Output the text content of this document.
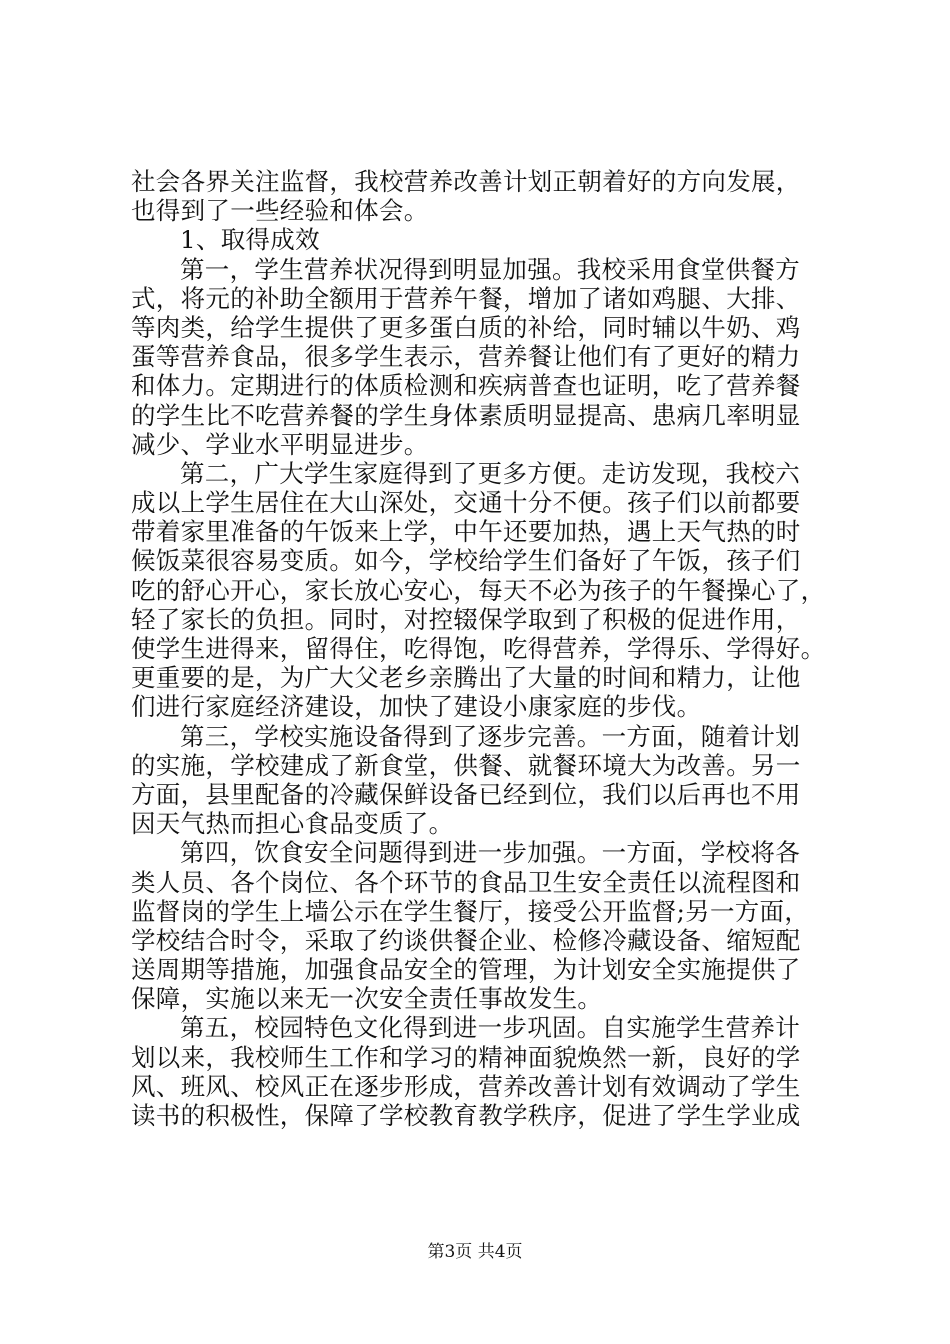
社会各界关注监督，我校营养改善计划正朝着好的方向发展，
也得到了一些经验和体会。
1、取得成效
第一，学生营养状况得到明显加强。我校采用食堂供餐方
式，将元的补助全额用于营养午餐，增加了诸如鸡腿、大排、
等肉类，给学生提供了更多蛋白质的补给，同时辅以牛奶、鸡
蛋等营养食品，很多学生表示，营养餐让他们有了更好的精力
和体力。定期进行的体质检测和疾病普查也证明，吃了营养餐
的学生比不吃营养餐的学生身体素质明显提高、患病几率明显
减少、学业水平明显进步。
第二，广大学生家庭得到了更多方便。走访发现，我校六
成以上学生居住在大山深处，交通十分不便。孩子们以前都要
带着家里准备的午饭来上学，中午还要加热，遇上天气热的时
候饭菜很容易变质。如今，学校给学生们备好了午饭，孩子们
吃的舒心开心，家长放心安心，每天不必为孩子的午餐操心了，
轻了家长的负担。同时，对控辍保学取到了积极的促进作用，
使学生进得来，留得住，吃得饱，吃得营养，学得乐、学得好。
更重要的是，为广大父老乡亲腾出了大量的时间和精力，让他
们进行家庭经济建设，加快了建设小康家庭的步伐。
第三，学校实施设备得到了逐步完善。一方面，随着计划
的实施，学校建成了新食堂，供餐、就餐环境大为改善。另一
方面，县里配备的冷藏保鲜设备已经到位，我们以后再也不用
因天气热而担心食品变质了。
第四，饮食安全问题得到进一步加强。一方面，学校将各
类人员、各个岗位、各个环节的食品卫生安全责任以流程图和
监督岗的学生上墙公示在学生餐厅，接受公开监督;另一方面，
学校结合时令，采取了约谈供餐企业、检修冷藏设备、缩短配
送周期等措施，加强食品安全的管理，为计划安全实施提供了
保障，实施以来无一次安全责任事故发生。
第五，校园特色文化得到进一步巩固。自实施学生营养计
划以来，我校师生工作和学习的精神面貌焕然一新，良好的学
风、班风、校风正在逐步形成，营养改善计划有效调动了学生
读书的积极性，保障了学校教育教学秩序，促进了学生学业成
第3页 共4页
